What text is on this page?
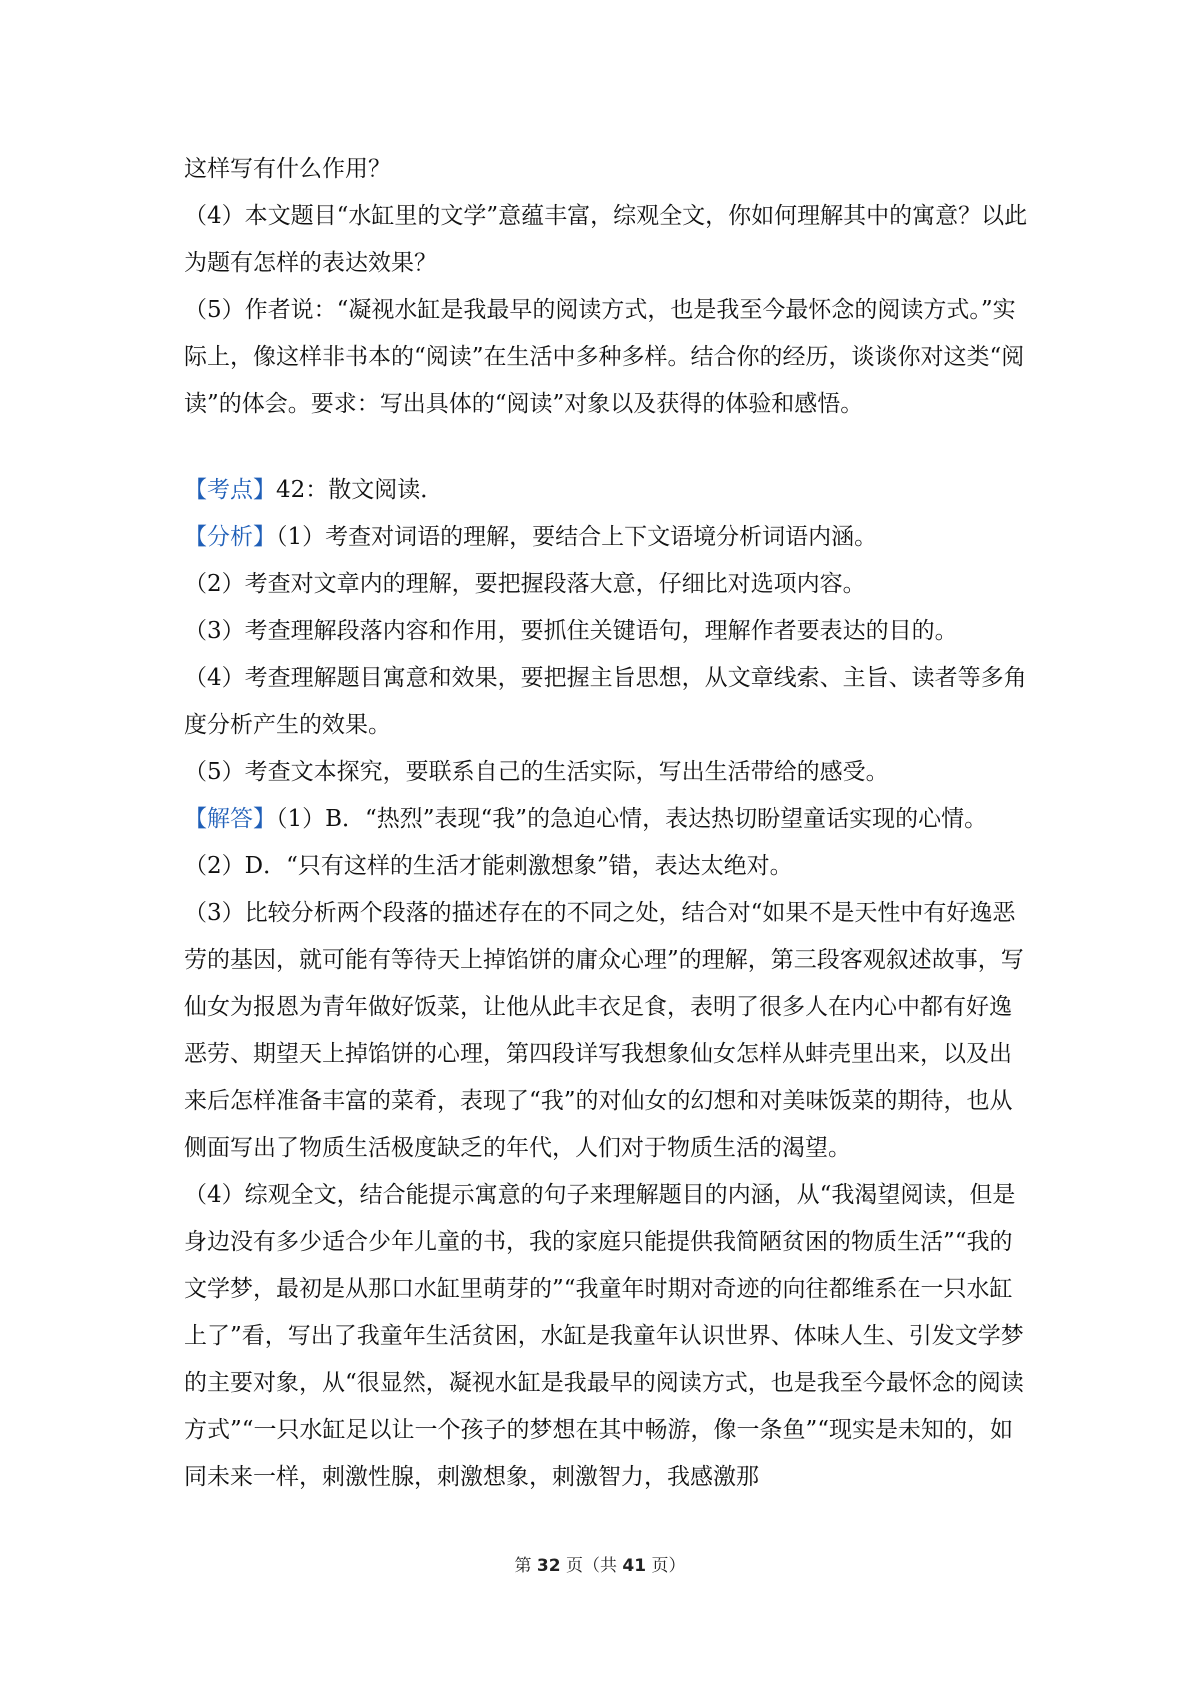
这样写有什么作用？

（4）本文题目“水缸里的文学”意蕴丰富，综观全文，你如何理解其中的寓意？以此为题有怎样的表达效果？

（5）作者说：“凝视水缸是我最早的阅读方式，也是我至今最怀念的阅读方式。”实际上，像这样非书本的“阅读”在生活中多种多样。结合你的经历，谈谈你对这类“阅读”的体会。要求：写出具体的“阅读”对象以及获得的体验和感悟。

【考点】42：散文阅读．

【分析】（1）考查对词语的理解，要结合上下文语境分析词语内涵。

（2）考查对文章内的理解，要把握段落大意，仔细比对选项内容。

（3）考查理解段落内容和作用，要抓住关键语句，理解作者要表达的目的。

（4）考查理解题目寓意和效果，要把握主旨思想，从文章线索、主旨、读者等多角度分析产生的效果。

（5）考查文本探究，要联系自己的生活实际，写出生活带给的感受。

【解答】（1）B．“热烈”表现“我”的急迫心情，表达热切盼望童话实现的心情。

（2）D．“只有这样的生活才能刺激想象”错，表达太绝对。

（3）比较分析两个段落的描述存在的不同之处，结合对“如果不是天性中有好逸恶劳的基因，就可能有等待天上掉馅饼的庸众心理”的理解，第三段客观叙述故事，写仙女为报恩为青年做好饭菜，让他从此丰衣足食，表明了很多人在内心中都有好逸恶劳、期望天上掉馅饼的心理，第四段详写我想象仙女怎样从蚌壳里出来，以及出来后怎样准备丰富的菜肴，表现了“我”的对仙女的幻想和对美味饭菜的期待，也从侧面写出了物质生活极度缺乏的年代，人们对于物质生活的渴望。

（4）综观全文，结合能提示寓意的句子来理解题目的内涵，从“我渴望阅读，但是身边没有多少适合少年儿童的书，我的家庭只能提供我简陋贫困的物质生活”“我的文学梦，最初是从那口水缸里萌芽的”“我童年时期对奇迹的向往都维系在一只水缸上了”看，写出了我童年生活贫困，水缸是我童年认识世界、体味人生、引发文学梦的主要对象，从“很显然，凝视水缸是我最早的阅读方式，也是我至今最怀念的阅读方式”“一只水缸足以让一个孩子的梦想在其中畅游，像一条鱼”“现实是未知的，如同未来一样，刺激性腺，刺激想象，刺激智力，我感激那

第 32 页（共 41 页）
